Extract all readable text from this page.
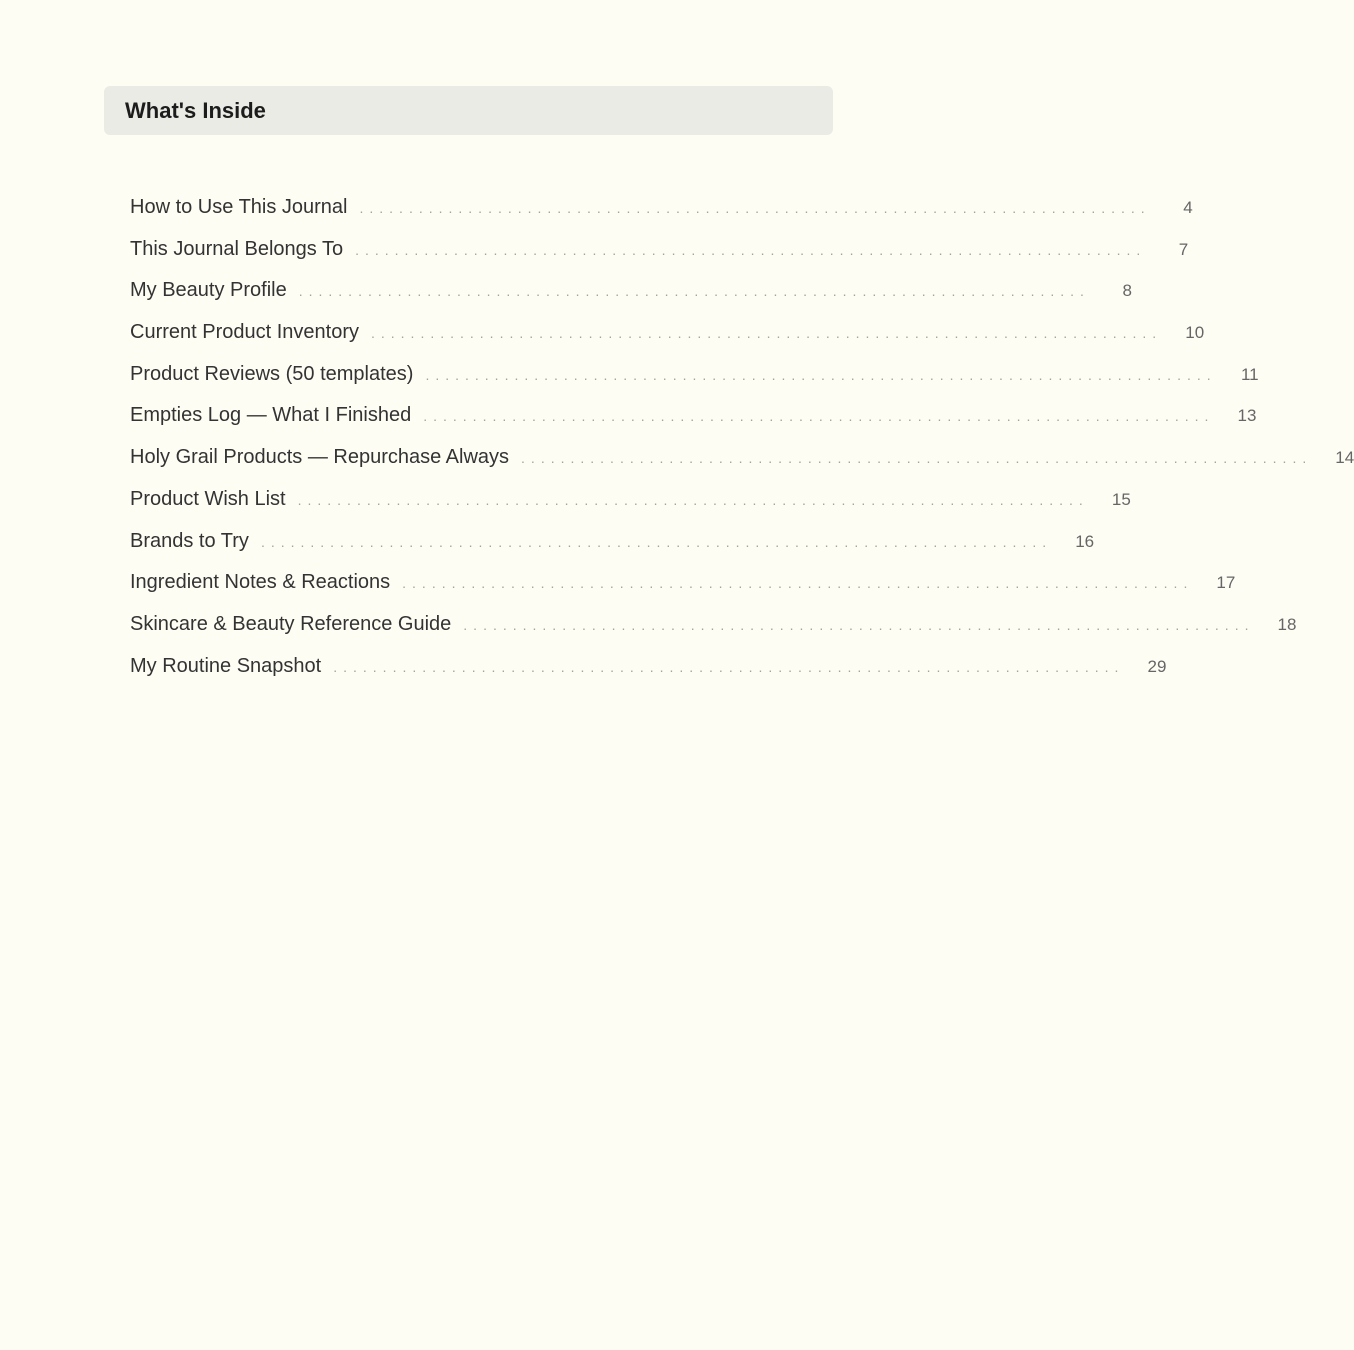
What's Inside
How to Use This Journal ................................................................................	4
This Journal Belongs To ................................................................................	7
My Beauty Profile ................................................................................	8
Current Product Inventory ................................................................................ 10
Product Reviews (50 templates) ................................................................................ 11
Empties Log — What I Finished ................................................................................ 13
Holy Grail Products — Repurchase Always ................................................................................ 14
Product Wish List ................................................................................ 15
Brands to Try ................................................................................ 16
Ingredient Notes & Reactions ................................................................................ 17
Skincare & Beauty Reference Guide ................................................................................ 18
My Routine Snapshot ................................................................................ 29
